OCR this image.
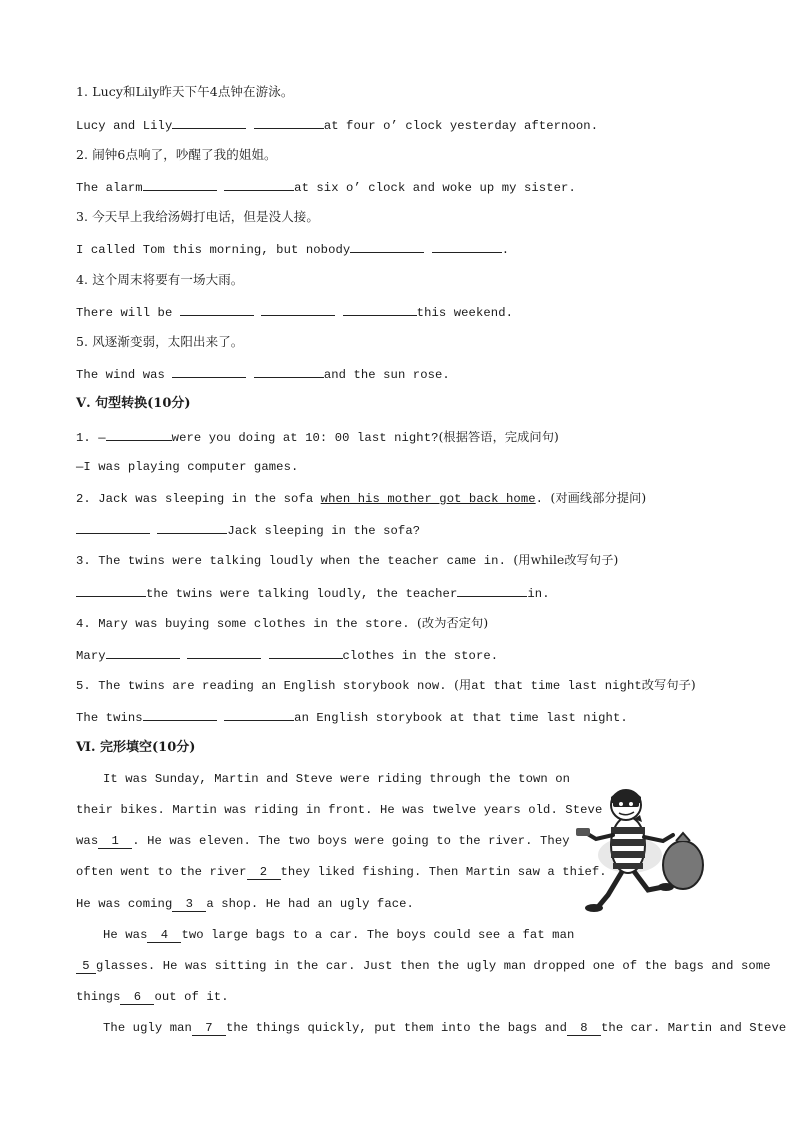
1. Lucy和Lily昨天下午4点钟在游泳。
Lucy and Lily	at four o’ clock yesterday afternoon.
2. 闹钟6点响了，吵醒了我的姐姐。
The alarm	at six o’ clock and woke up my sister.
3. 今天早上我给汤姆打电话，但是没人接。
I called Tom this morning, but nobody	.
4. 这个周末将要有一场大雨。
There will be	this weekend.
5. 风逐渐变弱，太阳出来了。
The wind was	and the sun rose.
Ⅴ. 句型转换(10分)
1. —	were you doing at 10: 00 last night?(根据答语，完成问句)
—I was playing computer games.
2. Jack was sleeping in the sofa when his mother got back home. (对画线部分提问)
Jack sleeping in the sofa?
3. The twins were talking loudly when the teacher came in. (用while改写句子)
the twins were talking loudly, the teacher	in.
4. Mary was buying some clothes in the store. (改为否定句)
Mary	clothes in the store.
5. The twins are reading an English storybook now. (用at that time last night改写句子)
The twins	an English storybook at that time last night.
Ⅵ. 完形填空(10分)
It was Sunday, Martin and Steve were riding through the town on
their bikes. Martin was riding in front. He was twelve years old. Steve
was 1 . He was eleven. The two boys were going to the river. They
often went to the river 2 they liked fishing. Then Martin saw a thief.
He was coming 3 a shop. He had an ugly face.
He was 4 two large bags to a car. The boys could see a fat man
5 glasses. He was sitting in the car. Just then the ugly man dropped one of the bags and some
things 6 out of it.
The ugly man 7 the things quickly, put them into the bags and 8 the car. Martin and Steve
